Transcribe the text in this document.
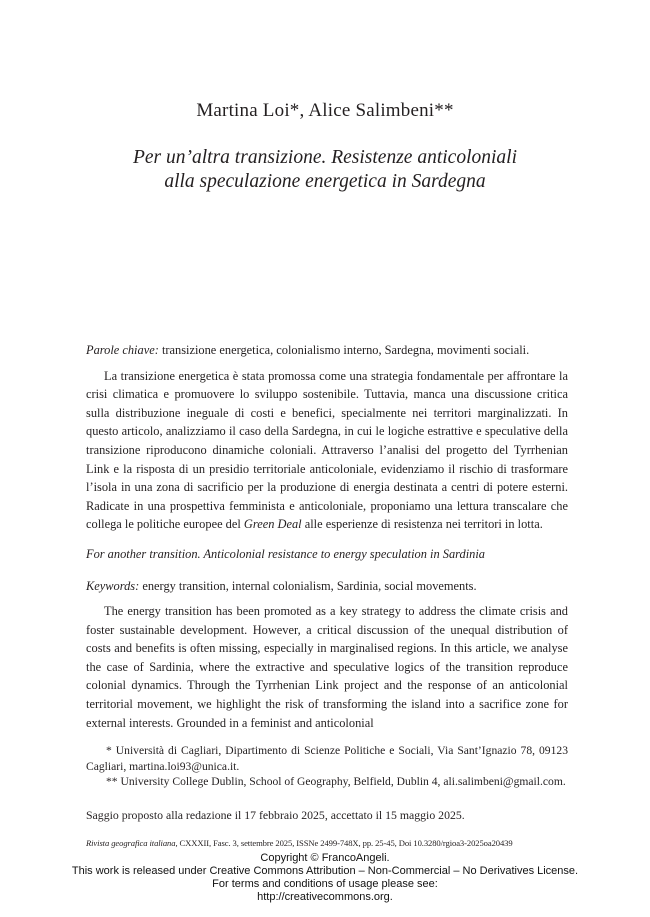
Martina Loi*, Alice Salimbeni**
Per un’altra transizione. Resistenze anticoloniali
alla speculazione energetica in Sardegna
Parole chiave: transizione energetica, colonialismo interno, Sardegna, movimenti sociali.

La transizione energetica è stata promossa come una strategia fondamentale per affrontare la crisi climatica e promuovere lo sviluppo sostenibile. Tuttavia, manca una discussione critica sulla distribuzione ineguale di costi e benefici, specialmente nei territori marginalizzati. In questo articolo, analizziamo il caso della Sardegna, in cui le logiche estrattive e speculative della transizione riproducono dinamiche coloniali. Attraverso l’analisi del progetto del Tyrrhenian Link e la risposta di un presidio territoriale anticoloniale, evidenziamo il rischio di trasformare l’isola in una zona di sacrificio per la produzione di energia destinata a centri di potere esterni. Radicate in una prospettiva femminista e anticoloniale, proponiamo una lettura transcalare che collega le politiche europee del Green Deal alle esperienze di resistenza nei territori in lotta.

For another transition. Anticolonial resistance to energy speculation in Sardinia
Keywords: energy transition, internal colonialism, Sardinia, social movements.

The energy transition has been promoted as a key strategy to address the climate crisis and foster sustainable development. However, a critical discussion of the unequal distribution of costs and benefits is often missing, especially in marginalised regions. In this article, we analyse the case of Sardinia, where the extractive and speculative logics of the transition reproduce colonial dynamics. Through the Tyrrhenian Link project and the response of an anticolonial territorial movement, we highlight the risk of transforming the island into a sacrifice zone for external interests. Grounded in a feminist and anticolonial

* Università di Cagliari, Dipartimento di Scienze Politiche e Sociali, Via Sant’Ignazio 78, 09123 Cagliari, martina.loi93@unica.it.
** University College Dublin, School of Geography, Belfield, Dublin 4, ali.salimbeni@gmail.com.
Saggio proposto alla redazione il 17 febbraio 2025, accettato il 15 maggio 2025.
Rivista geografica italiana, CXXXII, Fasc. 3, settembre 2025, ISSNe 2499-748X, pp. 25-45, Doi 10.3280/rgioa3-2025oa20439
Copyright © FrancoAngeli.
This work is released under Creative Commons Attribution – Non-Commercial – No Derivatives License.
For terms and conditions of usage please see:
http://creativecommons.org.
